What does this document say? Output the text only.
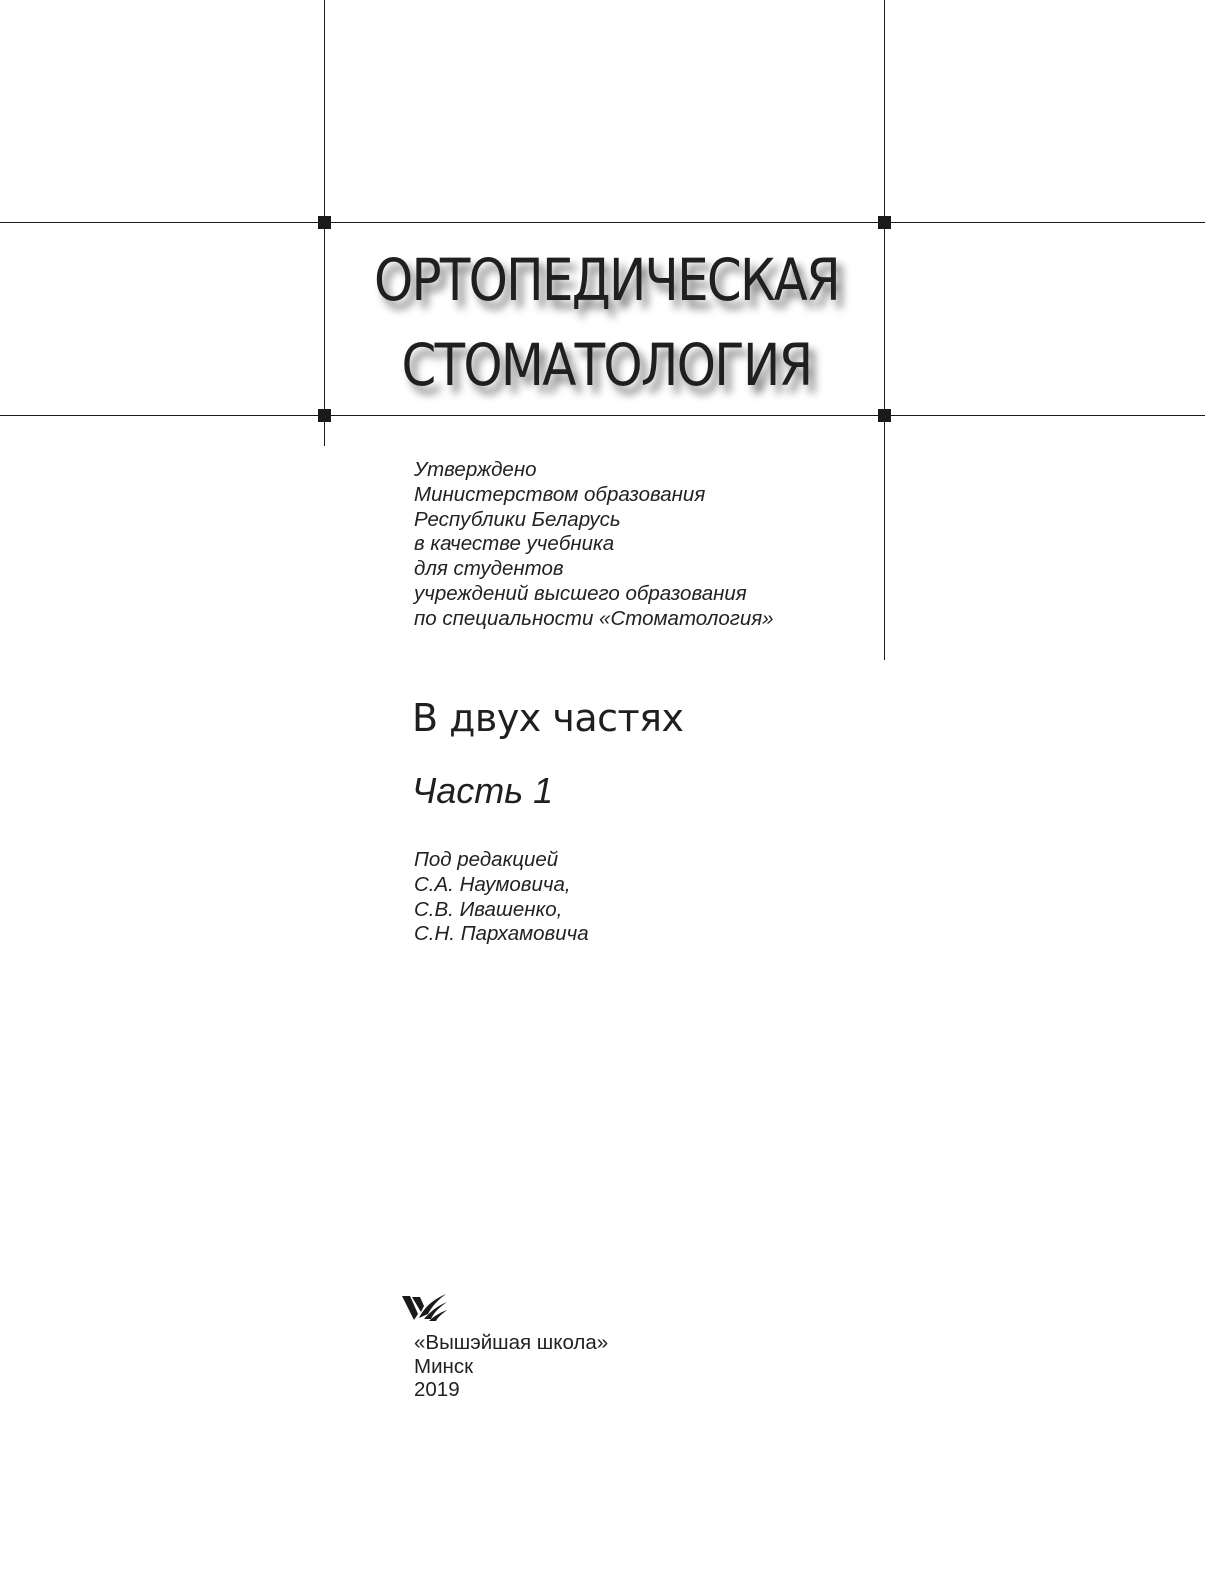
ОРТОПЕДИЧЕСКАЯ
СТОМАТОЛОГИЯ
Утверждено
Министерством образования
Республики Беларусь
в качестве учебника
для студентов
учреждений высшего образования
по специальности «Стоматология»
В двух частях
Часть 1
Под редакцией
С.А. Наумовича,
С.В. Ивашенко,
С.Н. Пархамовича
«Вышэйшая школа»
Минск
2019
